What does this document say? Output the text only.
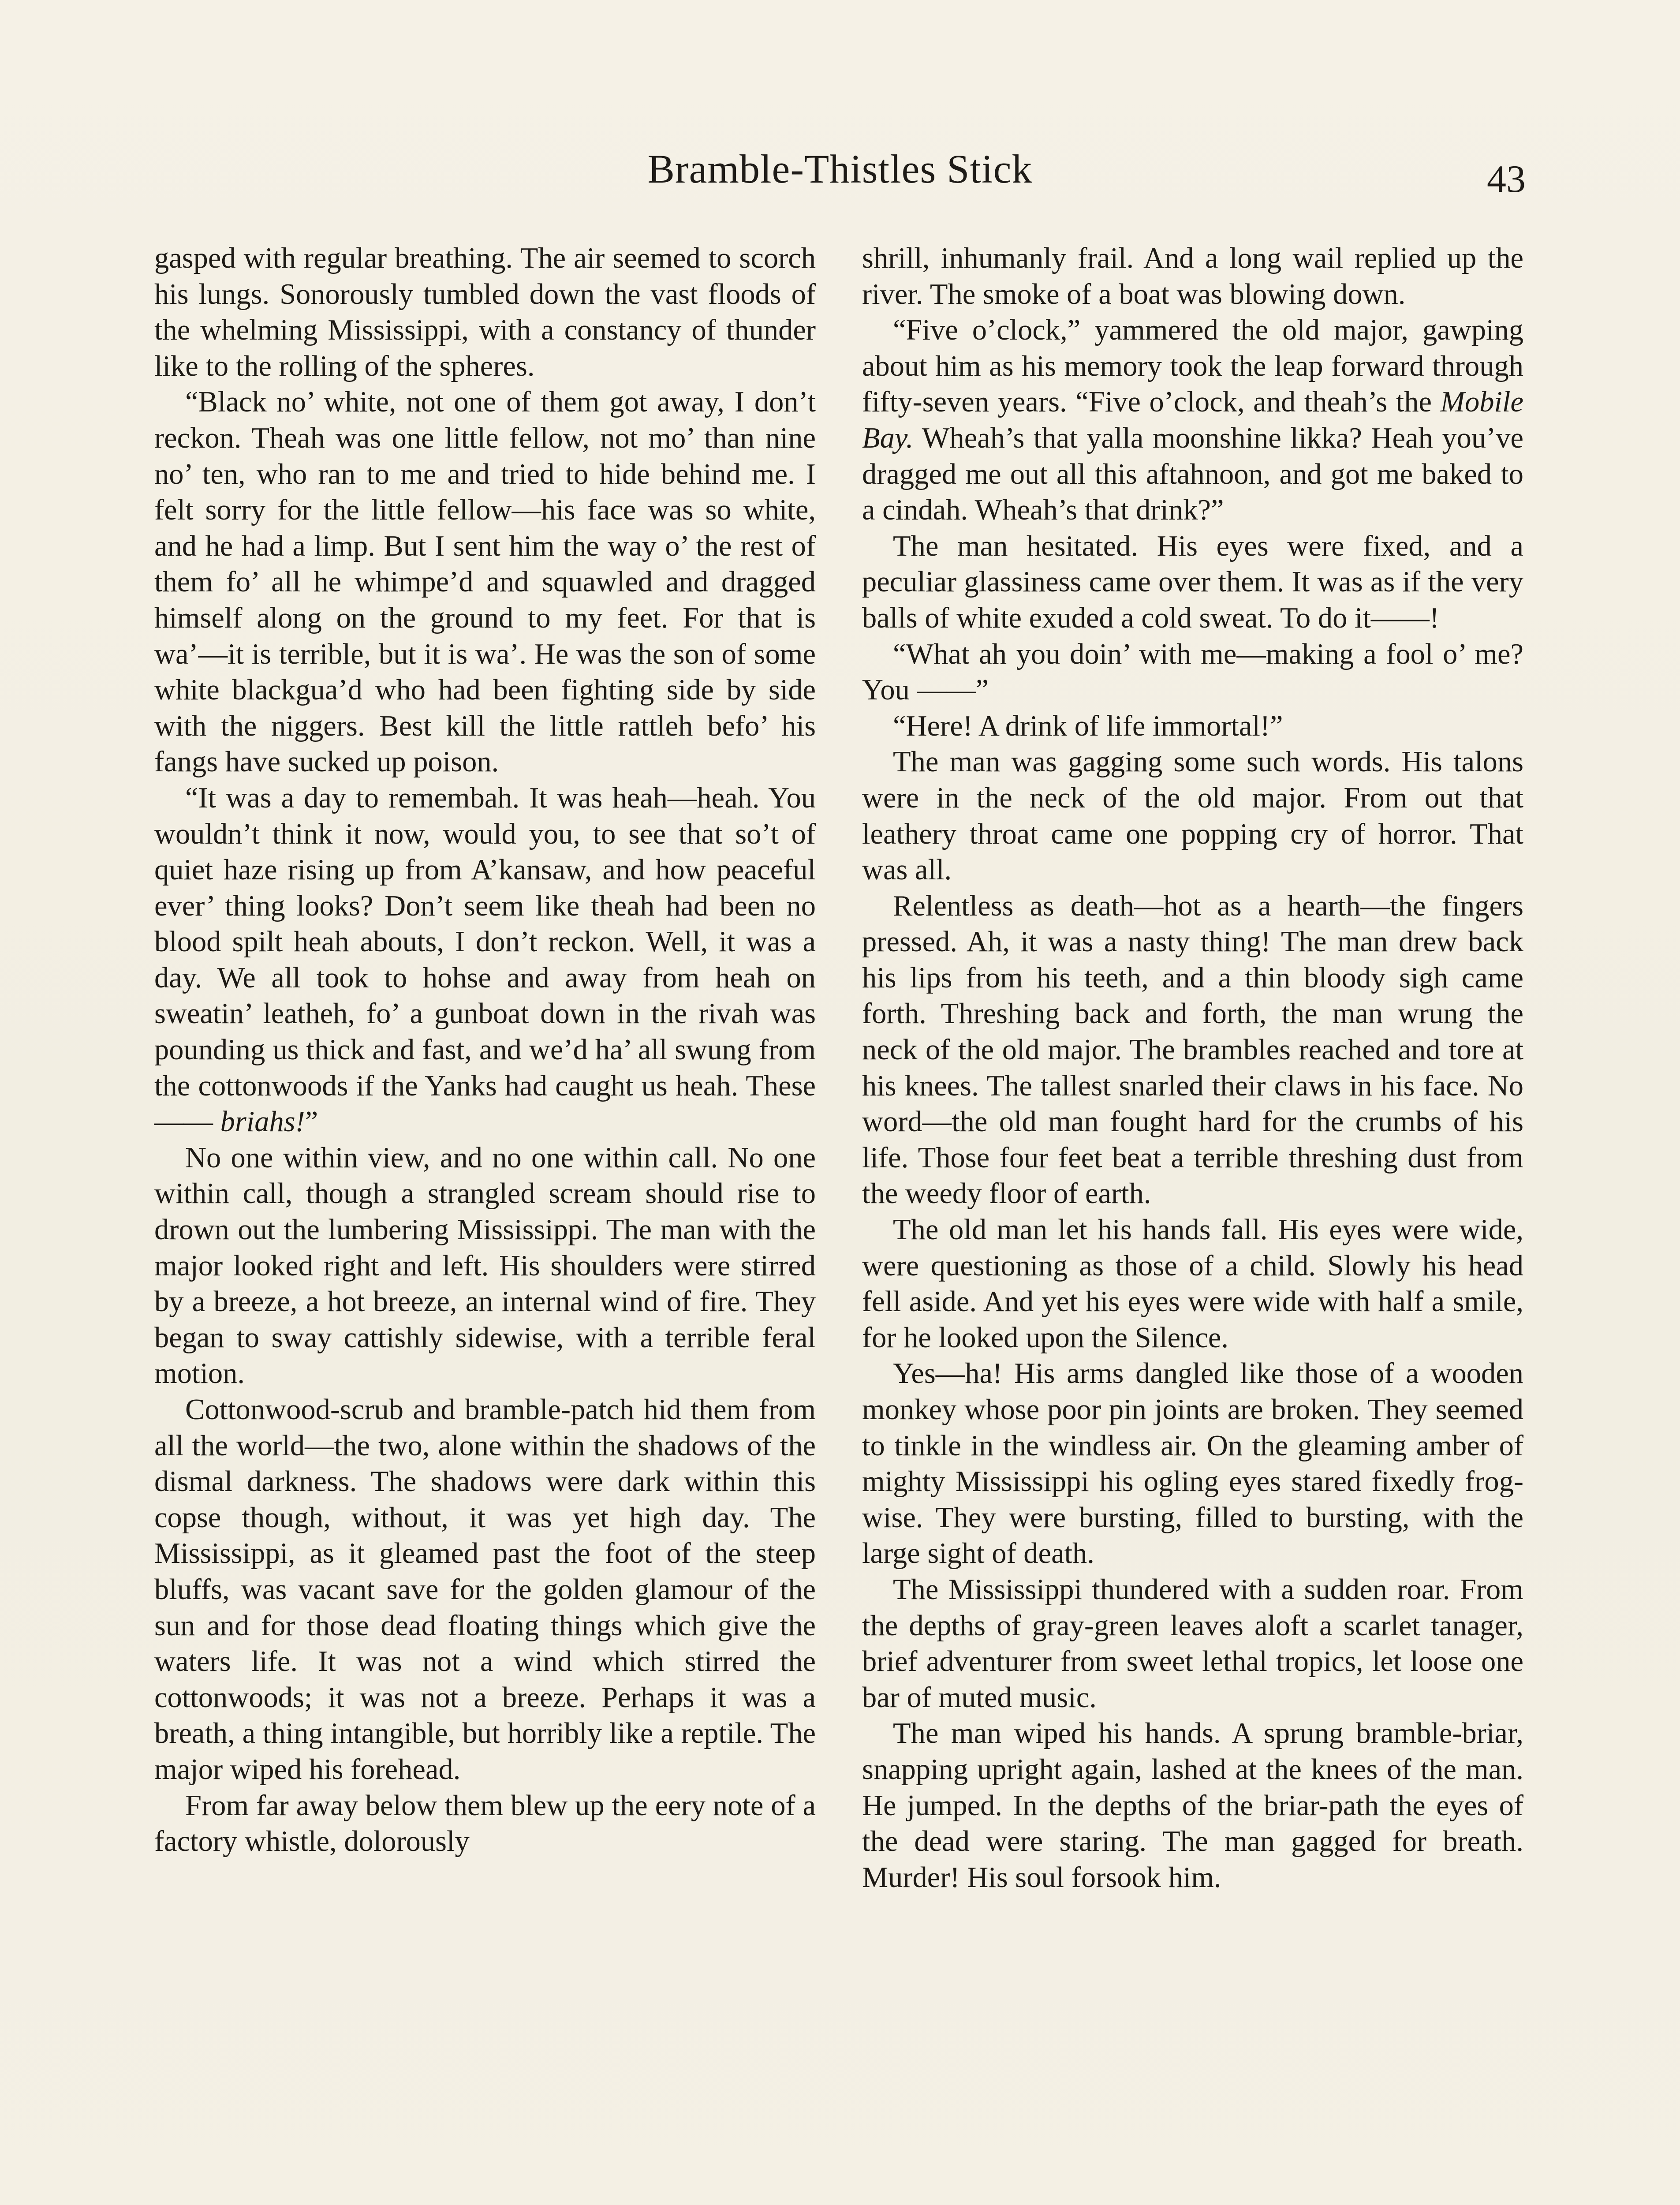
Bramble-Thistles Stick	43

gasped with regular breathing. The air seemed to scorch his lungs. Sonorously tumbled down the vast floods of the whelming Mississippi, with a constancy of thunder like to the rolling of the spheres.

“Black no’ white, not one of them got away, I don’t reckon. Theah was one little fellow, not mo’ than nine no’ ten, who ran to me and tried to hide behind me. I felt sorry for the little fellow—his face was so white, and he had a limp. But I sent him the way o’ the rest of them fo’ all he whimpe’d and squawled and dragged himself along on the ground to my feet. For that is wa’—it is terrible, but it is wa’. He was the son of some white blackgua’d who had been fighting side by side with the niggers. Best kill the little rattleh befo’ his fangs have sucked up poison.

“It was a day to remembah. It was heah—heah. You wouldn’t think it now, would you, to see that so’t of quiet haze rising up from A’kansaw, and how peaceful ever’ thing looks? Don’t seem like theah had been no blood spilt heah abouts, I don’t reckon. Well, it was a day. We all took to hohse and away from heah on sweatin’ leatheh, fo’ a gunboat down in the rivah was pounding us thick and fast, and we’d ha’ all swung from the cottonwoods if the Yanks had caught us heah. These —— briahs!”

No one within view, and no one within call. No one within call, though a strangled scream should rise to drown out the lumbering Mississippi. The man with the major looked right and left. His shoulders were stirred by a breeze, a hot breeze, an internal wind of fire. They began to sway cattishly sidewise, with a terrible feral motion.

Cottonwood-scrub and bramble-patch hid them from all the world—the two, alone within the shadows of the dismal darkness. The shadows were dark within this copse though, without, it was yet high day. The Mississippi, as it gleamed past the foot of the steep bluffs, was vacant save for the golden glamour of the sun and for those dead floating things which give the waters life. It was not a wind which stirred the cottonwoods; it was not a breeze. Perhaps it was a breath, a thing intangible, but horribly like a reptile. The major wiped his forehead.

From far away below them blew up the eery note of a factory whistle, dolorously

shrill, inhumanly frail. And a long wail replied up the river. The smoke of a boat was blowing down.

“Five o’clock,” yammered the old major, gawping about him as his memory took the leap forward through fifty-seven years. “Five o’clock, and theah’s the Mobile Bay. Wheah’s that yalla moonshine likka? Heah you’ve dragged me out all this aftahnoon, and got me baked to a cindah. Wheah’s that drink?”

The man hesitated. His eyes were fixed, and a peculiar glassiness came over them. It was as if the very balls of white exuded a cold sweat. To do it——!

“What ah you doin’ with me—making a fool o’ me? You ——”

“Here! A drink of life immortal!”

The man was gagging some such words. His talons were in the neck of the old major. From out that leathery throat came one popping cry of horror. That was all.

Relentless as death—hot as a hearth—the fingers pressed. Ah, it was a nasty thing! The man drew back his lips from his teeth, and a thin bloody sigh came forth. Threshing back and forth, the man wrung the neck of the old major. The brambles reached and tore at his knees. The tallest snarled their claws in his face. No word—the old man fought hard for the crumbs of his life. Those four feet beat a terrible threshing dust from the weedy floor of earth.

The old man let his hands fall. His eyes were wide, were questioning as those of a child. Slowly his head fell aside. And yet his eyes were wide with half a smile, for he looked upon the Silence.

Yes—ha! His arms dangled like those of a wooden monkey whose poor pin joints are broken. They seemed to tinkle in the windless air. On the gleaming amber of mighty Mississippi his ogling eyes stared fixedly frog-wise. They were bursting, filled to bursting, with the large sight of death.

The Mississippi thundered with a sudden roar. From the depths of gray-green leaves aloft a scarlet tanager, brief adventurer from sweet lethal tropics, let loose one bar of muted music.

The man wiped his hands. A sprung bramble-briar, snapping upright again, lashed at the knees of the man. He jumped. In the depths of the briar-path the eyes of the dead were staring. The man gagged for breath. Murder! His soul forsook him.
